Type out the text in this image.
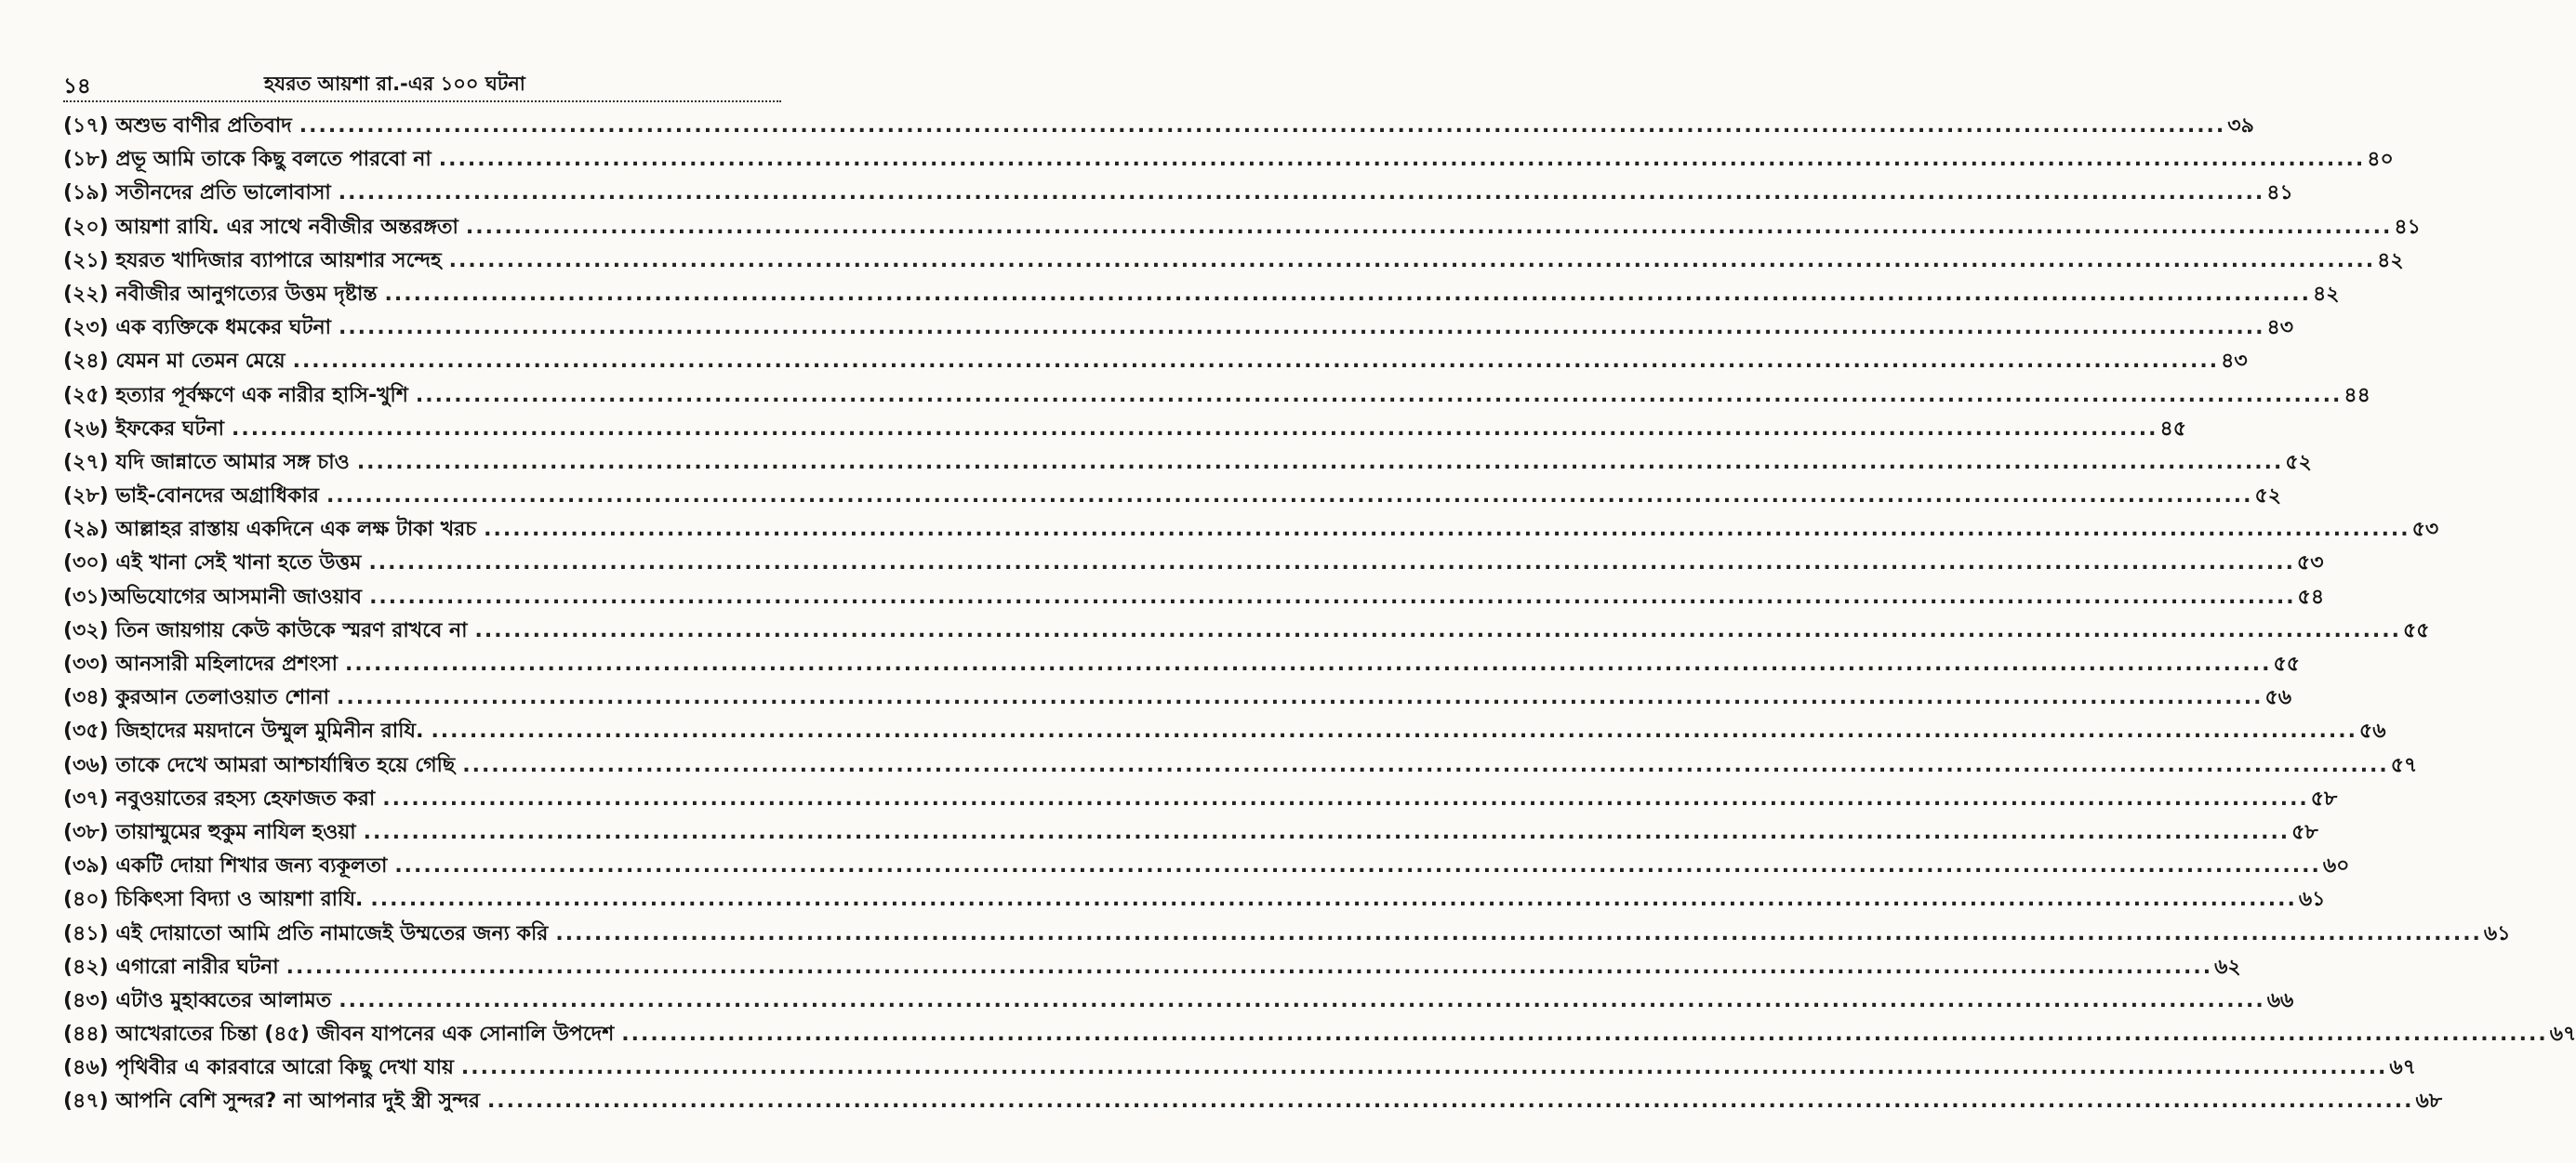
১৪	হযরত আয়শা রা.-এর ১০০ ঘটনা
(১৭) অশুভ বাণীর প্রতিবাদ ........................................................................................................................................................................................................ ৩৯
(১৮) প্রভূ আমি তাকে কিছু বলতে পারবো না ........................................................................................................................................................................................................ ৪০
(১৯) সতীনদের প্রতি ভালোবাসা ........................................................................................................................................................................................................ ৪১
(২০) আয়শা রাযি. এর সাথে নবীজীর অন্তরঙ্গতা ........................................................................................................................................................................................................ ৪১
(২১) হযরত খাদিজার ব্যাপারে আয়শার সন্দেহ ........................................................................................................................................................................................................ ৪২
(২২) নবীজীর আনুগত্যের উত্তম দৃষ্টান্ত ........................................................................................................................................................................................................ ৪২
(২৩) এক ব্যক্তিকে ধমকের ঘটনা ........................................................................................................................................................................................................ ৪৩
(২৪) যেমন মা তেমন মেয়ে ........................................................................................................................................................................................................ ৪৩
(২৫) হত্যার পূর্বক্ষণে এক নারীর হাসি-খুশি ........................................................................................................................................................................................................ ৪৪
(২৬) ইফকের ঘটনা ........................................................................................................................................................................................................ ৪৫
(২৭) যদি জান্নাতে আমার সঙ্গ চাও ........................................................................................................................................................................................................ ৫২
(২৮) ভাই-বোনদের অগ্রাধিকার ........................................................................................................................................................................................................ ৫২
(২৯) আল্লাহর রাস্তায় একদিনে এক লক্ষ টাকা খরচ ........................................................................................................................................................................................................ ৫৩
(৩০) এই খানা সেই খানা হতে উত্তম ........................................................................................................................................................................................................ ৫৩
(৩১)অভিযোগের আসমানী জাওয়াব ........................................................................................................................................................................................................ ৫৪
(৩২) তিন জায়গায় কেউ কাউকে স্মরণ রাখবে না ........................................................................................................................................................................................................ ৫৫
(৩৩) আনসারী মহিলাদের প্রশংসা ........................................................................................................................................................................................................ ৫৫
(৩৪) কুরআন তেলাওয়াত শোনা ........................................................................................................................................................................................................ ৫৬
(৩৫) জিহাদের ময়দানে উম্মুল মুমিনীন রাযি. ........................................................................................................................................................................................................ ৫৬
(৩৬) তাকে দেখে আমরা আশ্চার্যান্বিত হয়ে গেছি ........................................................................................................................................................................................................ ৫৭
(৩৭) নবুওয়াতের রহস্য হেফাজত করা ........................................................................................................................................................................................................ ৫৮
(৩৮) তায়াম্মুমের হুকুম নাযিল হওয়া ........................................................................................................................................................................................................ ৫৮
(৩৯) একটি দোয়া শিখার জন্য ব্যকূলতা ........................................................................................................................................................................................................ ৬০
(৪০) চিকিৎসা বিদ্যা ও আয়শা রাযি. ........................................................................................................................................................................................................ ৬১
(৪১) এই দোয়াতো আমি প্রতি নামাজেই উম্মতের জন্য করি ........................................................................................................................................................................................................ ৬১
(৪২) এগারো নারীর ঘটনা ........................................................................................................................................................................................................ ৬২
(৪৩) এটাও মুহাব্বতের আলামত ........................................................................................................................................................................................................ ৬৬
(৪৪) আখেরাতের চিন্তা (৪৫) জীবন যাপনের এক সোনালি উপদেশ ........................................................................................................................................................................................................ ৬৭
(৪৬) পৃথিবীর এ কারবারে আরো কিছু দেখা যায় ........................................................................................................................................................................................................ ৬৭
(৪৭) আপনি বেশি সুন্দর? না আপনার দুই স্ত্রী সুন্দর ........................................................................................................................................................................................................ ৬৮
